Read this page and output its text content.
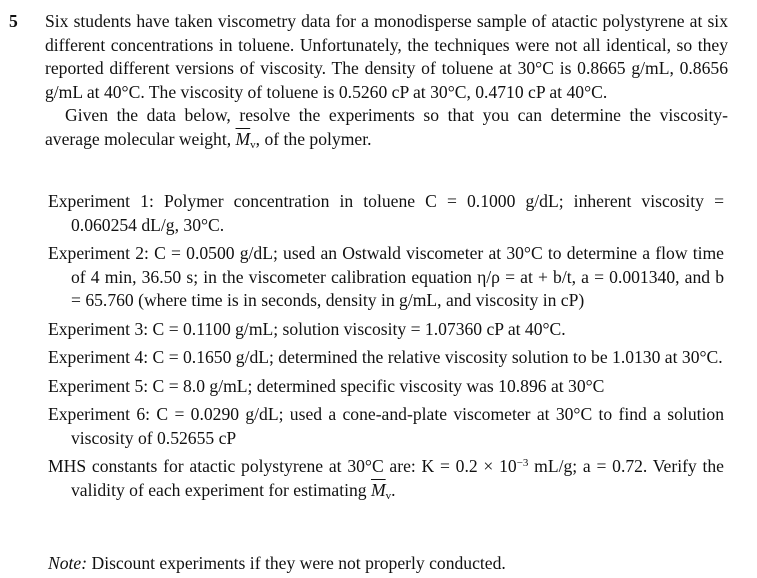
5 Six students have taken viscometry data for a monodisperse sample of atactic polystyrene at six different concentrations in toluene. Unfortunately, the techniques were not all identical, so they reported different versions of viscosity. The density of toluene at 30°C is 0.8665 g/mL, 0.8656 g/mL at 40°C. The viscosity of toluene is 0.5260 cP at 30°C, 0.4710 cP at 40°C.

Given the data below, resolve the experiments so that you can determine the viscosity-average molecular weight, $\overline{M}_v$, of the polymer.

Experiment 1: Polymer concentration in toluene C = 0.1000 g/dL; inherent viscosity = 0.060254 dL/g, 30°C.

Experiment 2: C = 0.0500 g/dL; used an Ostwald viscometer at 30°C to determine a flow time of 4 min, 36.50 s; in the viscometer calibration equation η/ρ = at + b/t, a = 0.001340, and b = 65.760 (where time is in seconds, density in g/mL, and viscosity in cP)

Experiment 3: C = 0.1100 g/mL; solution viscosity = 1.07360 cP at 40°C.

Experiment 4: C = 0.1650 g/dL; determined the relative viscosity solution to be 1.0130 at 30°C.

Experiment 5: C = 8.0 g/mL; determined specific viscosity was 10.896 at 30°C

Experiment 6: C = 0.0290 g/dL; used a cone-and-plate viscometer at 30°C to find a solution viscosity of 0.52655 cP

MHS constants for atactic polystyrene at 30°C are: $K = 0.2 \times 10^{-3}$ mL/g; a = 0.72. Verify the validity of each experiment for estimating $\overline{M}_v$.

Note: Discount experiments if they were not properly conducted.
